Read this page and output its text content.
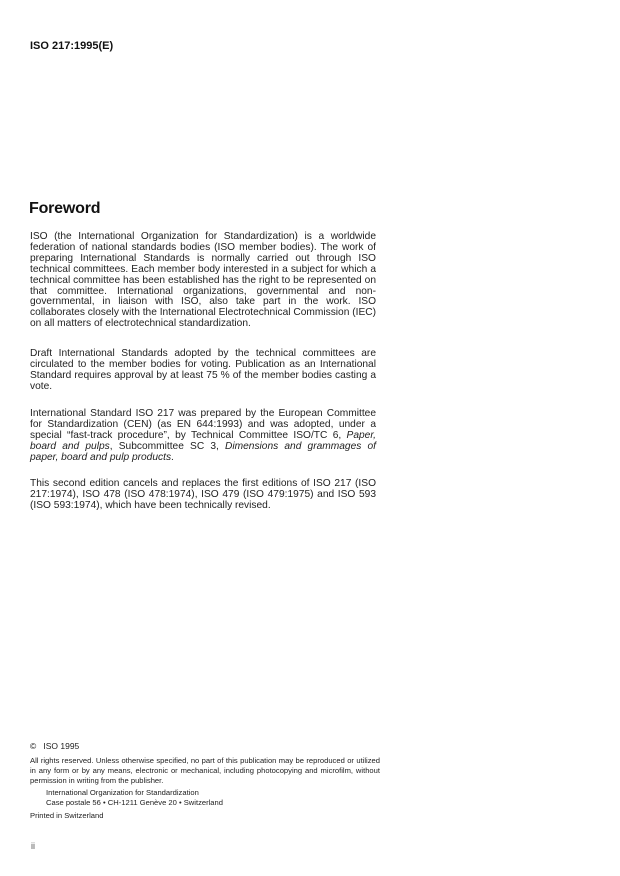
ISO 217:1995(E)
Foreword
ISO (the International Organization for Standardization) is a worldwide federation of national standards bodies (ISO member bodies). The work of preparing International Standards is normally carried out through ISO technical committees. Each member body interested in a subject for which a technical committee has been established has the right to be represented on that committee. International organizations, governmental and non-governmental, in liaison with ISO, also take part in the work. ISO collaborates closely with the International Electrotechnical Commission (IEC) on all matters of electrotechnical standardization.
Draft International Standards adopted by the technical committees are circulated to the member bodies for voting. Publication as an International Standard requires approval by at least 75 % of the member bodies casting a vote.
International Standard ISO 217 was prepared by the European Committee for Standardization (CEN) (as EN 644:1993) and was adopted, under a special “fast-track procedure”, by Technical Committee ISO/TC 6, Paper, board and pulps, Subcommittee SC 3, Dimensions and grammages of paper, board and pulp products.
This second edition cancels and replaces the first editions of ISO 217 (ISO 217:1974), ISO 478 (ISO 478:1974), ISO 479 (ISO 479:1975) and ISO 593 (ISO 593:1974), which have been technically revised.
© ISO 1995
All rights reserved. Unless otherwise specified, no part of this publication may be reproduced or utilized in any form or by any means, electronic or mechanical, including photocopying and microfilm, without permission in writing from the publisher.
International Organization for Standardization
Case postale 56 • CH-1211 Genève 20 • Switzerland
Printed in Switzerland
ii
